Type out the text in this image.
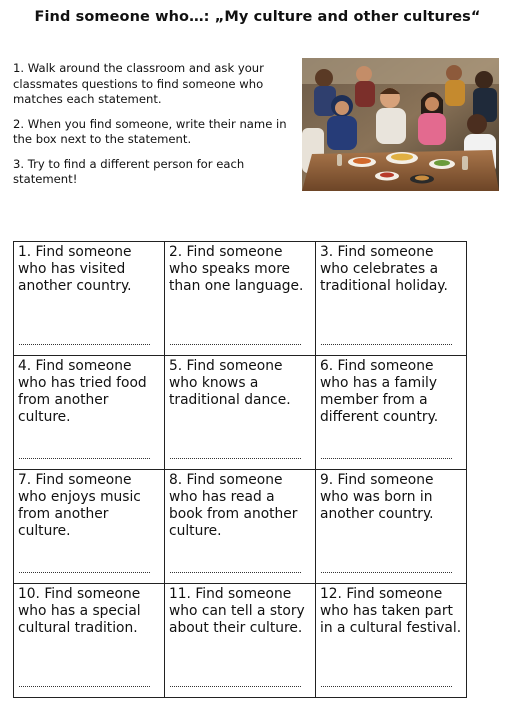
Find someone who…: „My culture and other cultures“

1. Walk around the classroom and ask your classmates questions to find someone who matches each statement.

2. When you find someone, write their name in the box next to the statement.

3. Try to find a different person for each statement!

1. Find someone who has visited another country.	2. Find someone who speaks more than one language.	3. Find someone who celebrates a traditional holiday.

4. Find someone who has tried food from another culture.	5. Find someone who knows a traditional dance.	6. Find someone who has a family member from a different country.

7. Find someone who enjoys music from another culture.	8. Find someone who has read a book from another culture.	9. Find someone who was born in another country.

10. Find someone who has a special cultural tradition.	11. Find someone who can tell a story about their culture.	12. Find someone who has taken part in a cultural festival.
